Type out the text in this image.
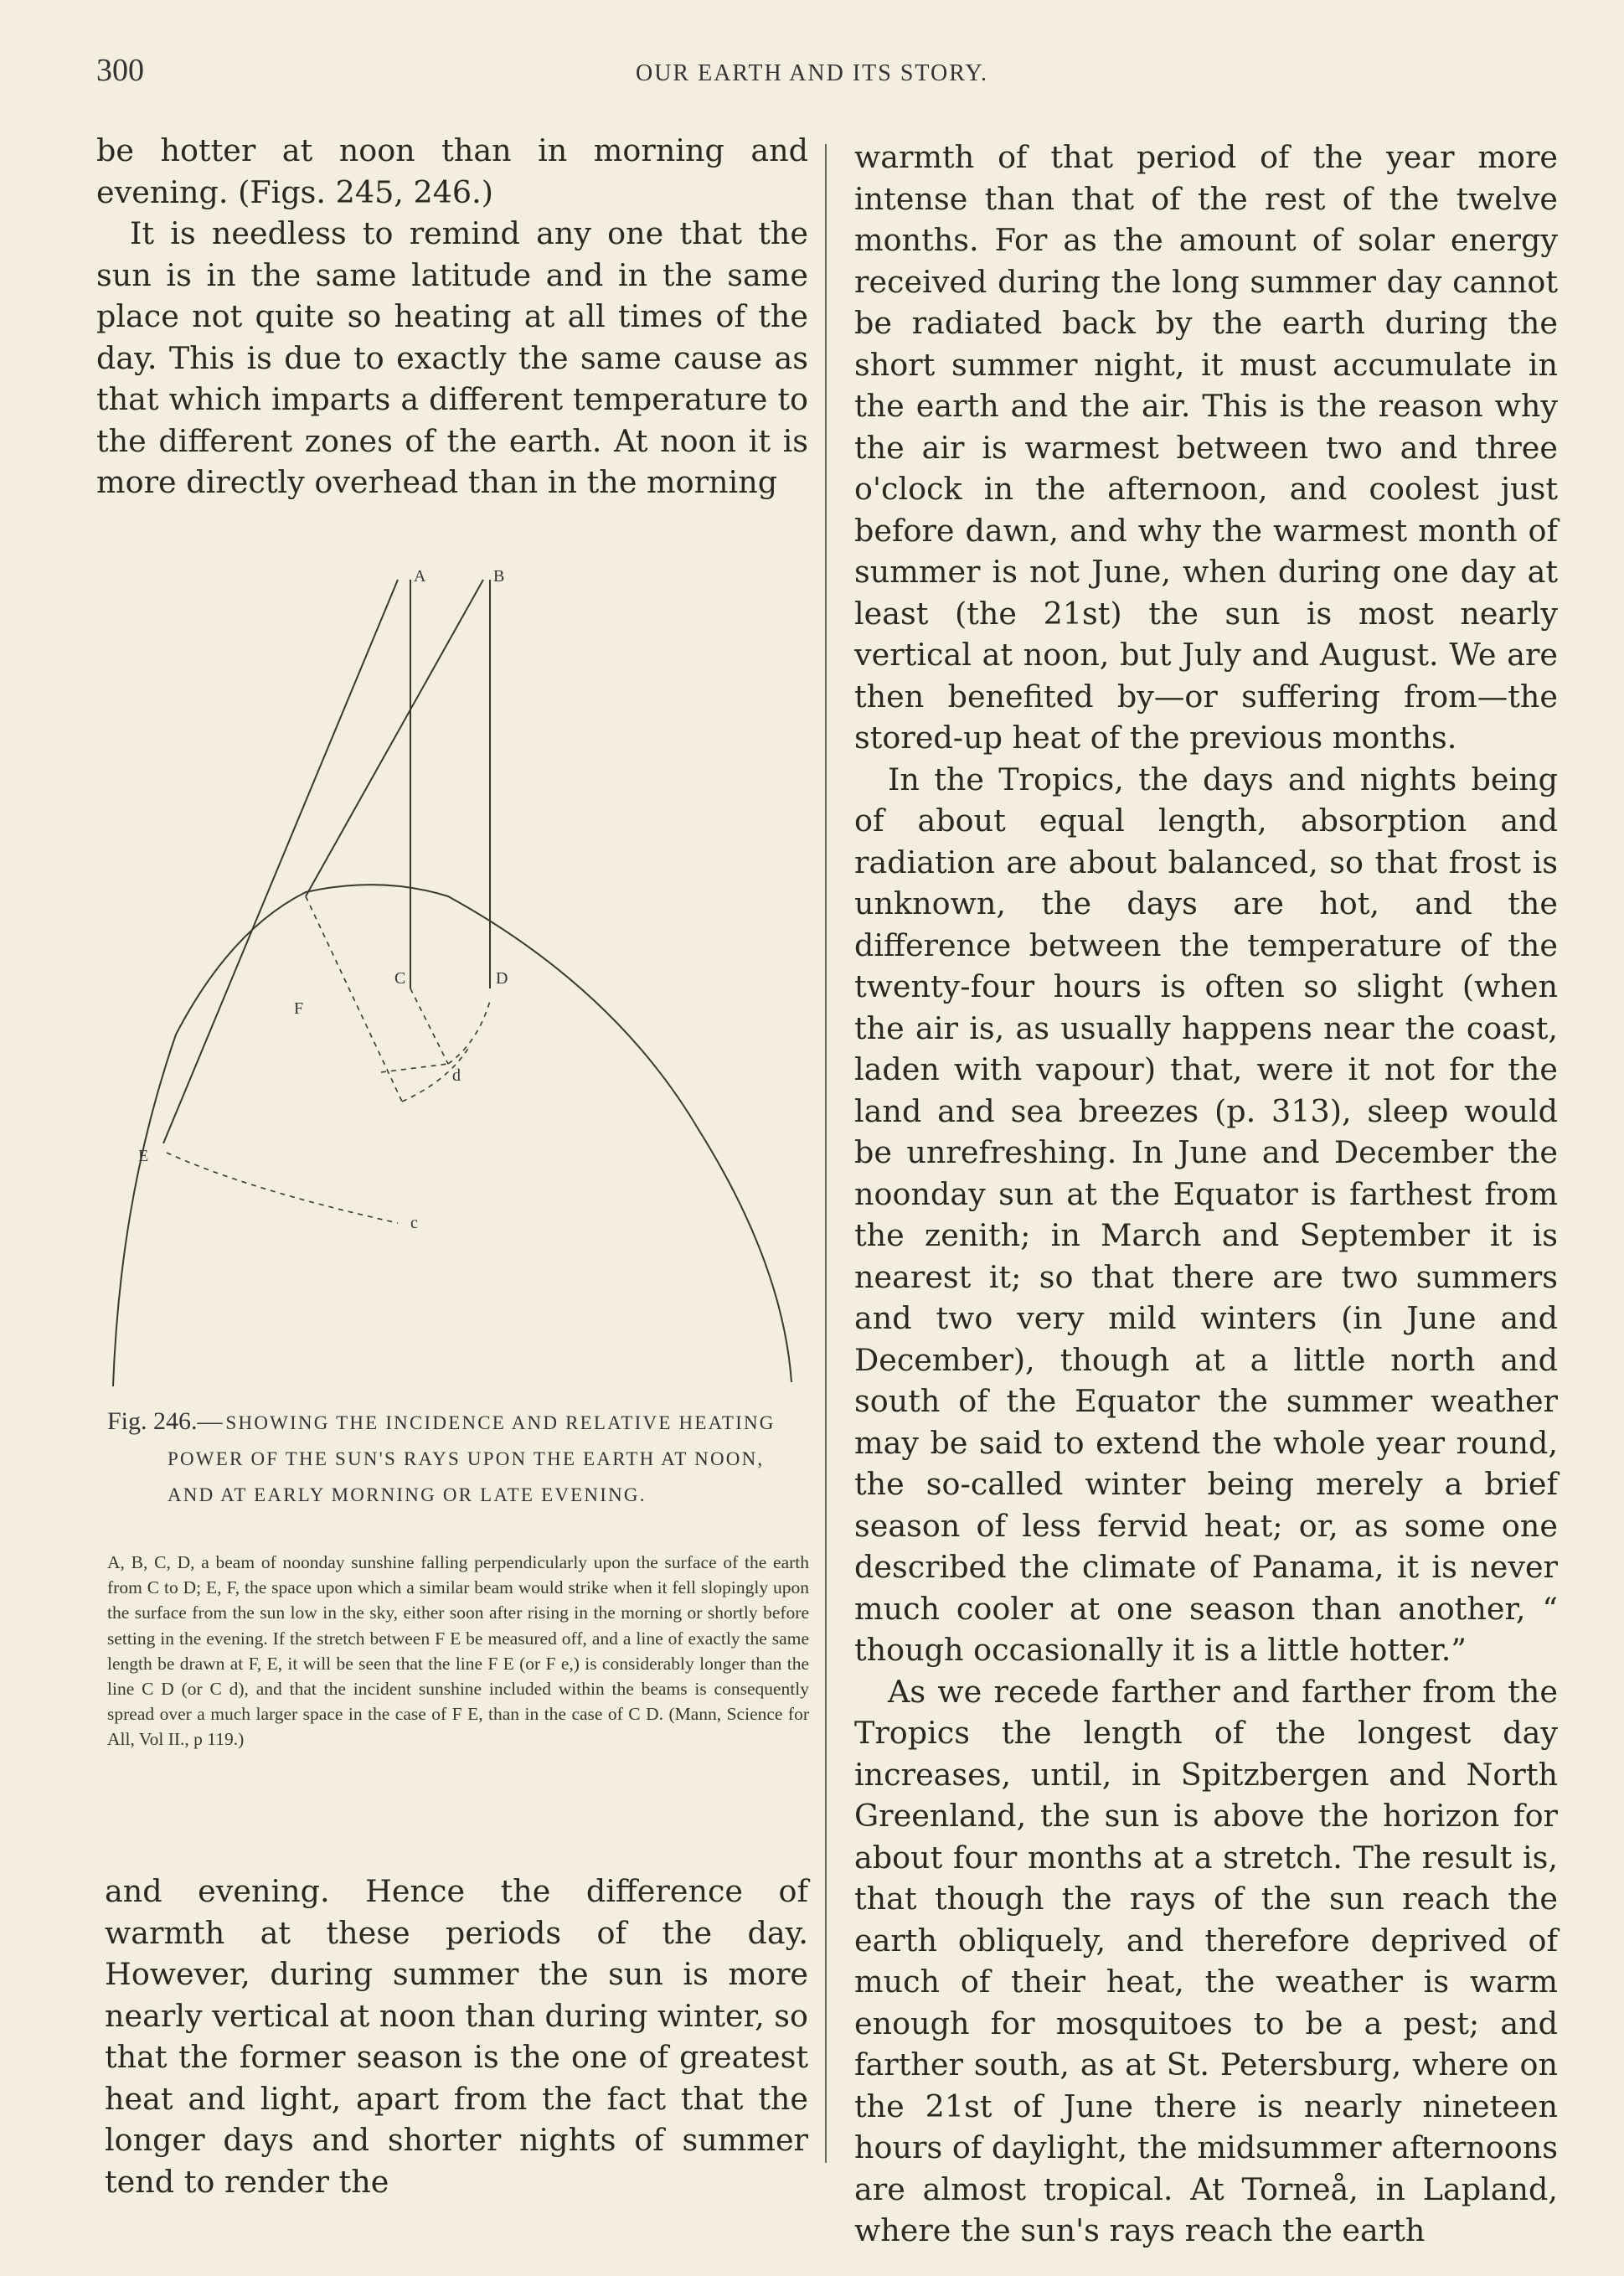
300	OUR EARTH AND ITS STORY.

be hotter at noon than in morning and evening. (Figs. 245, 246.)

It is needless to remind any one that the sun is in the same latitude and in the same place not quite so heating at all times of the day. This is due to exactly the same cause as that which imparts a different temperature to the different zones of the earth. At noon it is more directly overhead than in the morning

A	B
C	D
F
E
c
d
Fig. 246.— SHOWING THE INCIDENCE AND RELATIVE HEATING POWER OF THE SUN'S RAYS UPON THE EARTH AT NOON, AND AT EARLY MORNING OR LATE EVENING.

A, B, C, D, a beam of noonday sunshine falling perpendicularly upon the surface of the earth from C to D; E, F, the space upon which a similar beam would strike when it fell slopingly upon the surface from the sun low in the sky, either soon after rising in the morning or shortly before setting in the evening. If the stretch between F E be measured off, and a line of exactly the same length be drawn at F, E, it will be seen that the line F E (or F e,) is considerably longer than the line C D (or C d), and that the incident sunshine included within the beams is consequently spread over a much larger space in the case of F E, than in the case of C D. (Mann, Science for All, Vol II., p 119.)

and evening. Hence the difference of warmth at these periods of the day. However, during summer the sun is more nearly vertical at noon than during winter, so that the former season is the one of greatest heat and light, apart from the fact that the longer days and shorter nights of summer tend to render the

warmth of that period of the year more intense than that of the rest of the twelve months. For as the amount of solar energy received during the long summer day cannot be radiated back by the earth during the short summer night, it must accumulate in the earth and the air. This is the reason why the air is warmest between two and three o'clock in the afternoon, and coolest just before dawn, and why the warmest month of summer is not June, when during one day at least (the 21st) the sun is most nearly vertical at noon, but July and August. We are then benefited by—or suffering from—the stored-up heat of the previous months.

In the Tropics, the days and nights being of about equal length, absorption and radiation are about balanced, so that frost is unknown, the days are hot, and the difference between the temperature of the twenty-four hours is often so slight (when the air is, as usually happens near the coast, laden with vapour) that, were it not for the land and sea breezes (p. 313), sleep would be unrefreshing. In June and December the noonday sun at the Equator is farthest from the zenith; in March and September it is nearest it; so that there are two summers and two very mild winters (in June and December), though at a little north and south of the Equator the summer weather may be said to extend the whole year round, the so-called winter being merely a brief season of less fervid heat; or, as some one described the climate of Panama, it is never much cooler at one season than another, “ though occasionally it is a little hotter.”

As we recede farther and farther from the Tropics the length of the longest day increases, until, in Spitzbergen and North Greenland, the sun is above the horizon for about four months at a stretch. The result is, that though the rays of the sun reach the earth obliquely, and therefore deprived of much of their heat, the weather is warm enough for mosquitoes to be a pest; and farther south, as at St. Petersburg, where on the 21st of June there is nearly nineteen hours of daylight, the midsummer afternoons are almost tropical. At Torneå, in Lapland, where the sun's rays reach the earth
